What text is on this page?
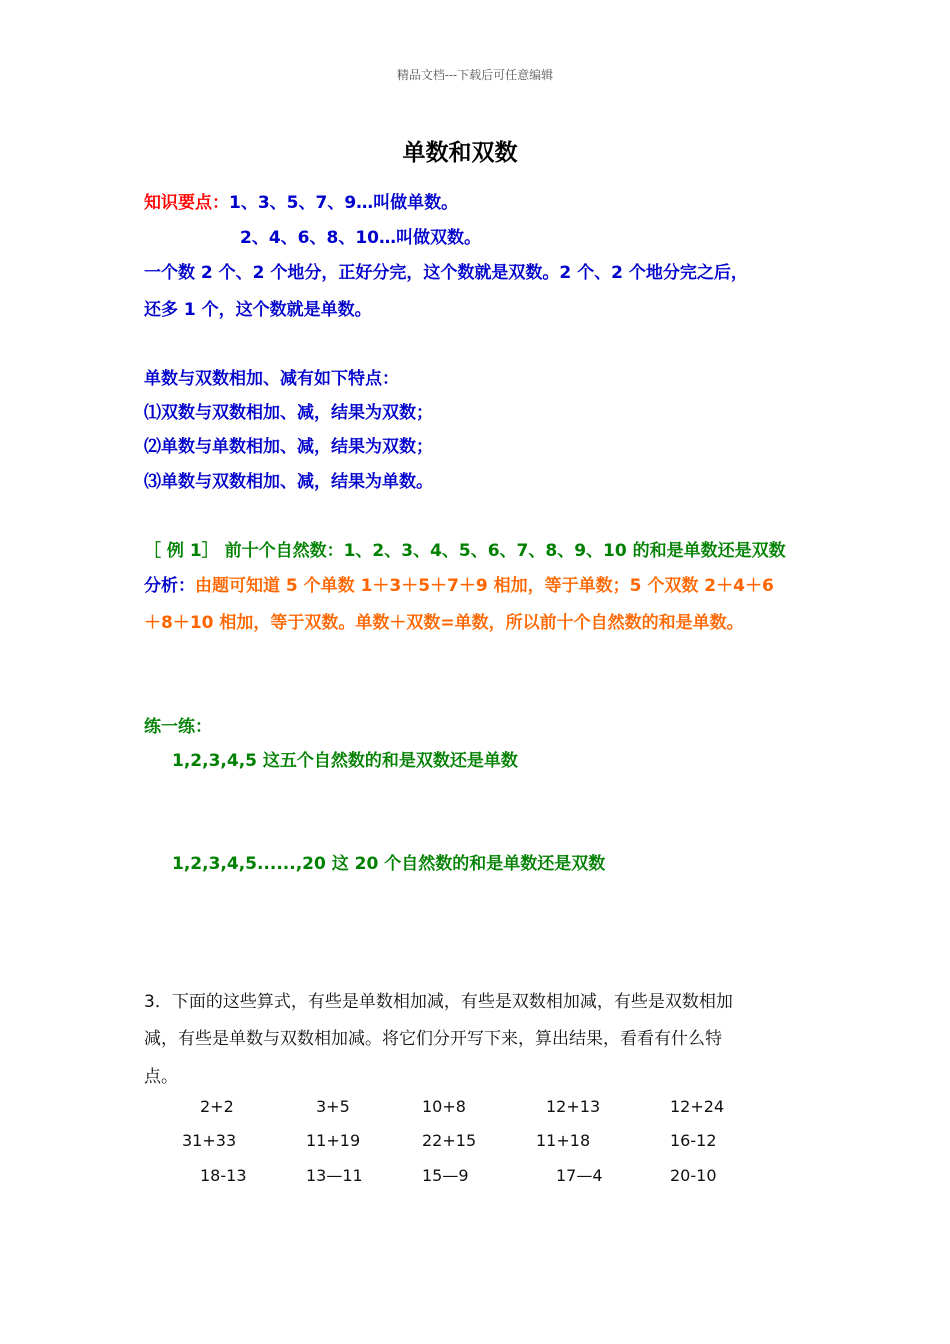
精品文档---下载后可任意编辑
单数和双数
知识要点：1、3、5、7、9…叫做单数。
2、4、6、8、10…叫做双数。
一个数 2 个、2 个地分，正好分完，这个数就是双数。2 个、2 个地分完之后，
还多 1 个，这个数就是单数。
单数与双数相加、减有如下特点：
⑴双数与双数相加、减，结果为双数；
⑵单数与单数相加、减，结果为双数；
⑶单数与双数相加、减，结果为单数。
［ 例 1］ 前十个自然数：1、2、3、4、5、6、7、8、9、10 的和是单数还是双数
分析：由题可知道 5 个单数 1＋3＋5＋7＋9 相加，等于单数；5 个双数 2＋4＋6
＋8＋10 相加，等于双数。单数＋双数=单数，所以前十个自然数的和是单数。
练一练：
1,2,3,4,5 这五个自然数的和是双数还是单数
1,2,3,4,5......,20 这 20 个自然数的和是单数还是双数
3．下面的这些算式，有些是单数相加减，有些是双数相加减，有些是双数相加
减，有些是单数与双数相加减。将它们分开写下来，算出结果，看看有什么特
点。
2+2	3+5	10+8	12+13	12+24
31+33	11+19	22+15	11+18	16-12
18-13	13—11	15—9	17—4	20-10
